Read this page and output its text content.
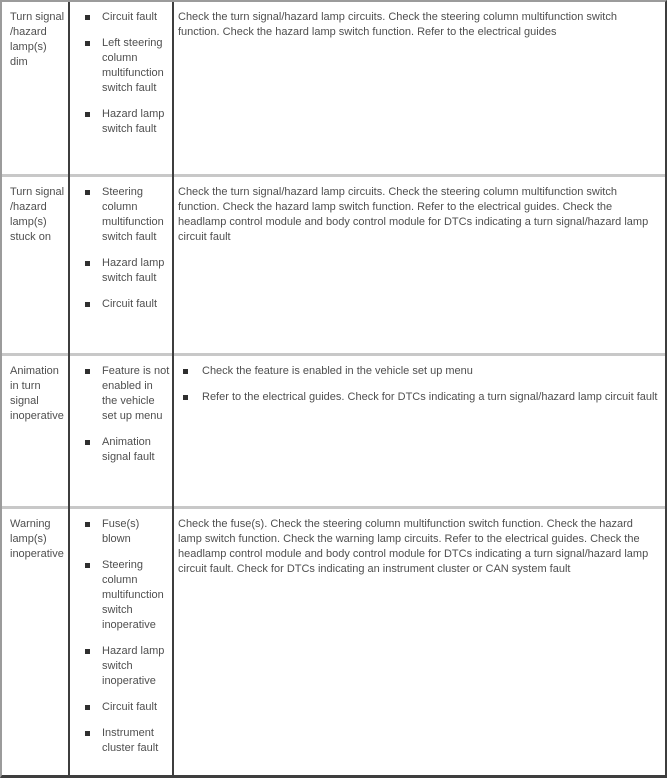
Turn signal /hazard lamp(s) dim
Circuit fault
Left steering column multifunction switch fault
Hazard lamp switch fault

Check the turn signal/hazard lamp circuits. Check the steering column multifunction switch function. Check the hazard lamp switch function. Refer to the electrical guides

Turn signal /hazard lamp(s) stuck on
Steering column multifunction switch fault
Hazard lamp switch fault
Circuit fault

Check the turn signal/hazard lamp circuits. Check the steering column multifunction switch function. Check the hazard lamp switch function. Refer to the electrical guides. Check the headlamp control module and body control module for DTCs indicating a turn signal/hazard lamp circuit fault

Animation in turn signal inoperative
Feature is not enabled in the vehicle set up menu
Animation signal fault
Check the feature is enabled in the vehicle set up menu
Refer to the electrical guides. Check for DTCs indicating a turn signal/hazard lamp circuit fault
Warning lamp(s) inoperative
Fuse(s) blown
Steering column multifunction switch inoperative
Hazard lamp switch inoperative
Circuit fault
Instrument cluster fault

Check the fuse(s). Check the steering column multifunction switch function. Check the hazard lamp switch function. Check the warning lamp circuits. Refer to the electrical guides. Check the headlamp control module and body control module for DTCs indicating a turn signal/hazard lamp circuit fault. Check for DTCs indicating an instrument cluster or CAN system fault
